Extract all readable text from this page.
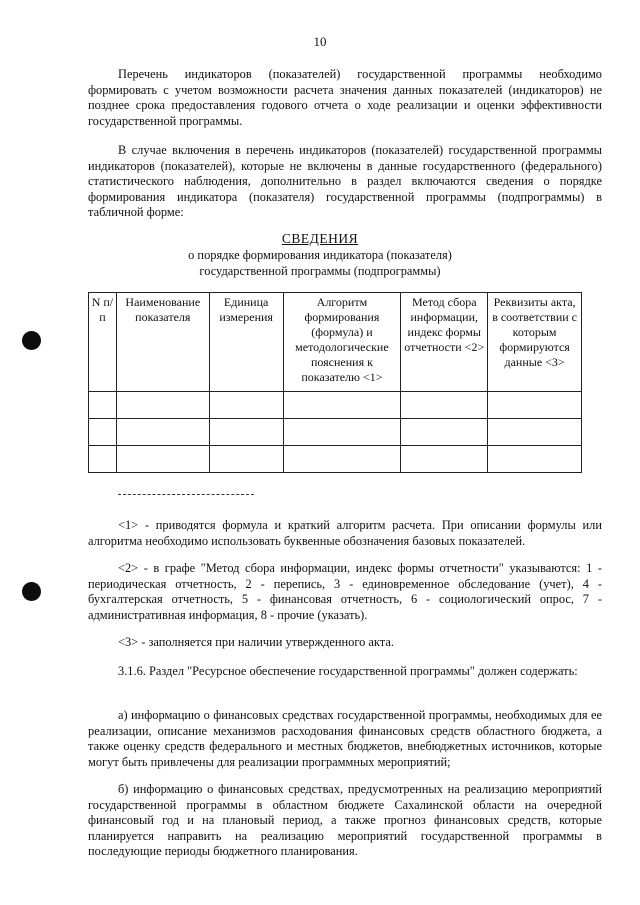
10

Перечень индикаторов (показателей) государственной программы необходимо формировать с учетом возможности расчета значения данных показателей (индикаторов) не позднее срока предоставления годового отчета о ходе реализации и оценки эффективности государственной программы.

В случае включения в перечень индикаторов (показателей) государственной программы индикаторов (показателей), которые не включены в данные государственного (федерального) статистического наблюдения, дополнительно в раздел включаются сведения о порядке формирования индикатора (показателя) государственной программы (подпрограммы) в табличной форме:

СВЕДЕНИЯ
о порядке формирования индикатора (показателя)
государственной программы (подпрограммы)
N п/п	Наименование показателя	Единица измерения	Алгоритм формирования (формула) и методологические пояснения к показателю <1>	Метод сбора информации, индекс формы отчетности <2>	Реквизиты акта, в соответствии с которым формируются данные <3>

<1> - приводятся формула и краткий алгоритм расчета. При описании формулы или алгоритма необходимо использовать буквенные обозначения базовых показателей.

<2> - в графе "Метод сбора информации, индекс формы отчетности" указываются: 1 - периодическая отчетность, 2 - перепись, 3 - единовременное обследование (учет), 4 - бухгалтерская отчетность, 5 - финансовая отчетность, 6 - социологический опрос, 7 - административная информация, 8 - прочие (указать).

<3> - заполняется при наличии утвержденного акта.

3.1.6. Раздел "Ресурсное обеспечение государственной программы" должен содержать:

а) информацию о финансовых средствах государственной программы, необходимых для ее реализации, описание механизмов расходования финансовых средств областного бюджета, а также оценку средств федерального и местных бюджетов, внебюджетных источников, которые могут быть привлечены для реализации программных мероприятий;

б) информацию о финансовых средствах, предусмотренных на реализацию мероприятий государственной программы в областном бюджете Сахалинской области на очередной финансовый год и на плановый период, а также прогноз финансовых средств, которые планируется направить на реализацию мероприятий государственной программы в последующие периоды бюджетного планирования.
